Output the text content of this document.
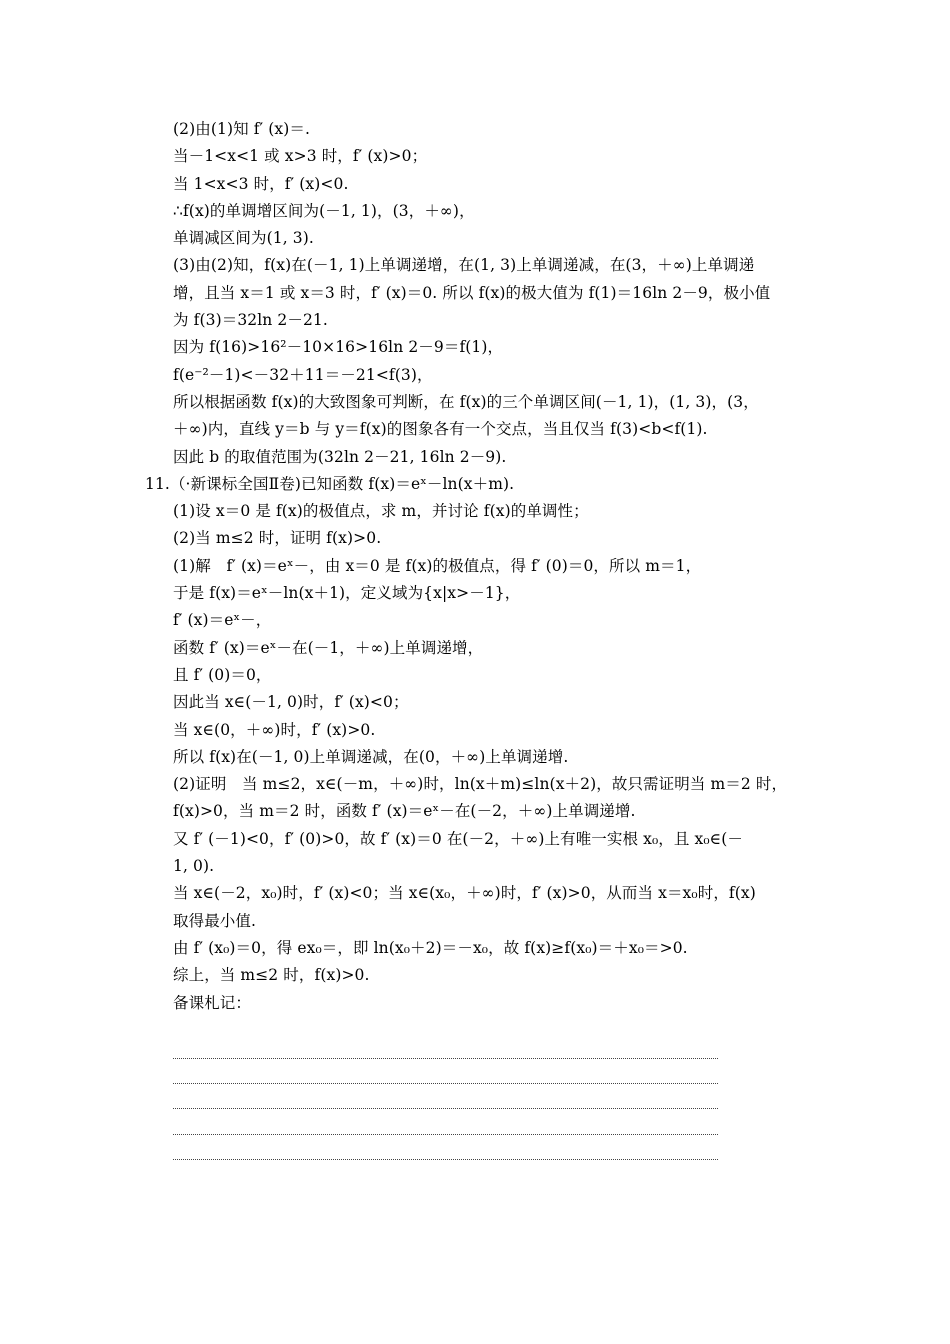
(2)由(1)知 f′ (x)＝.
当－1<x<1 或 x>3 时，f′ (x)>0；
当 1<x<3 时，f′ (x)<0.
∴f(x)的单调增区间为(－1, 1)，(3，＋∞)，
单调减区间为(1, 3).
(3)由(2)知，f(x)在(－1, 1)上单调递增，在(1, 3)上单调递减，在(3，＋∞)上单调递
增，且当 x＝1 或 x＝3 时，f′ (x)＝0. 所以 f(x)的极大值为 f(1)＝16ln 2－9，极小值
为 f(3)＝32ln 2－21.
因为 f(16)>16²－10×16>16ln 2－9＝f(1)，
f(e⁻²－1)<－32＋11＝－21<f(3)，
所以根据函数 f(x)的大致图象可判断，在 f(x)的三个单调区间(－1, 1)，(1, 3)，(3，
＋∞)内，直线 y＝b 与 y＝f(x)的图象各有一个交点，当且仅当 f(3)<b<f(1).
因此 b 的取值范围为(32ln 2－21, 16ln 2－9).
11.（·新课标全国Ⅱ卷)已知函数 f(x)＝eˣ－ln(x＋m).
(1)设 x＝0 是 f(x)的极值点，求 m，并讨论 f(x)的单调性；
(2)当 m≤2 时，证明 f(x)>0.
(1)解　f′ (x)＝eˣ－，由 x＝0 是 f(x)的极值点，得 f′ (0)＝0，所以 m＝1，
于是 f(x)＝eˣ－ln(x＋1)，定义域为{x|x>－1}，
f′ (x)＝eˣ－，
函数 f′ (x)＝eˣ－在(－1，＋∞)上单调递增，
且 f′ (0)＝0，
因此当 x∈(－1, 0)时，f′ (x)<0；
当 x∈(0，＋∞)时，f′ (x)>0.
所以 f(x)在(－1, 0)上单调递减，在(0，＋∞)上单调递增.
(2)证明　当 m≤2，x∈(－m，＋∞)时，ln(x＋m)≤ln(x＋2)，故只需证明当 m＝2 时，
f(x)>0，当 m＝2 时，函数 f′ (x)＝eˣ－在(－2，＋∞)上单调递增.
又 f′ (－1)<0，f′ (0)>0，故 f′ (x)＝0 在(－2，＋∞)上有唯一实根 x₀，且 x₀∈(－
1, 0).
当 x∈(－2，x₀)时，f′ (x)<0；当 x∈(x₀，＋∞)时，f′ (x)>0，从而当 x＝x₀时，f(x)
取得最小值.
由 f′ (x₀)＝0，得 ex₀＝，即 ln(x₀＋2)＝－x₀，故 f(x)≥f(x₀)＝＋x₀＝>0.
综上，当 m≤2 时，f(x)>0.
备课札记：
